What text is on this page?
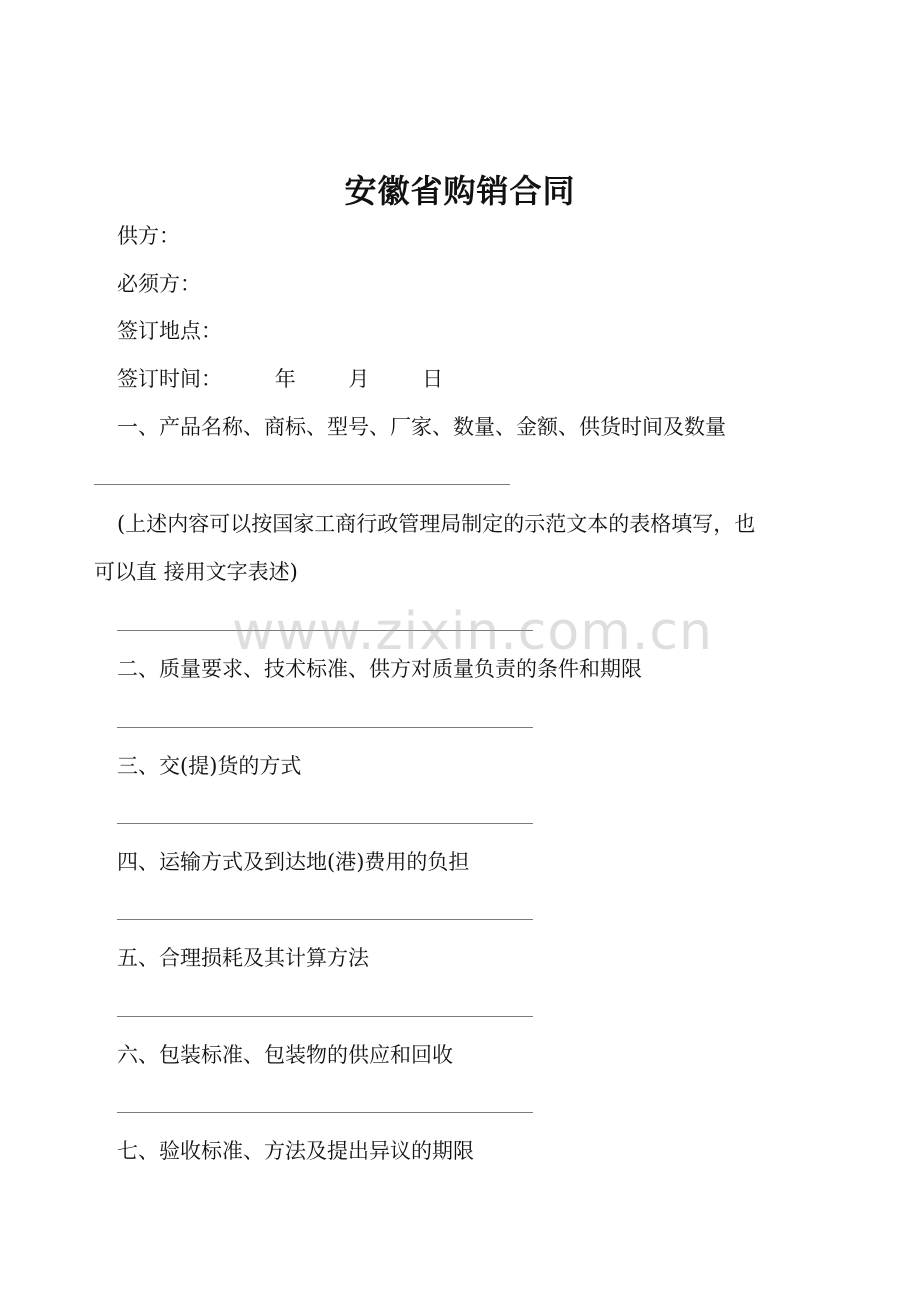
安徽省购销合同
供方：
必须方：
签订地点：
签订时间：	年	月	日
一、产品名称、商标、型号、厂家、数量、金额、供货时间及数量
(上述内容可以按国家工商行政管理局制定的示范文本的表格填写，也
可以直 接用文字表述)
二、质量要求、技术标准、供方对质量负责的条件和期限
三、交(提)货的方式
四、运输方式及到达地(港)费用的负担
五、合理损耗及其计算方法
六、包装标准、包装物的供应和回收
七、验收标准、方法及提出异议的期限
www.zixin.com.cn
